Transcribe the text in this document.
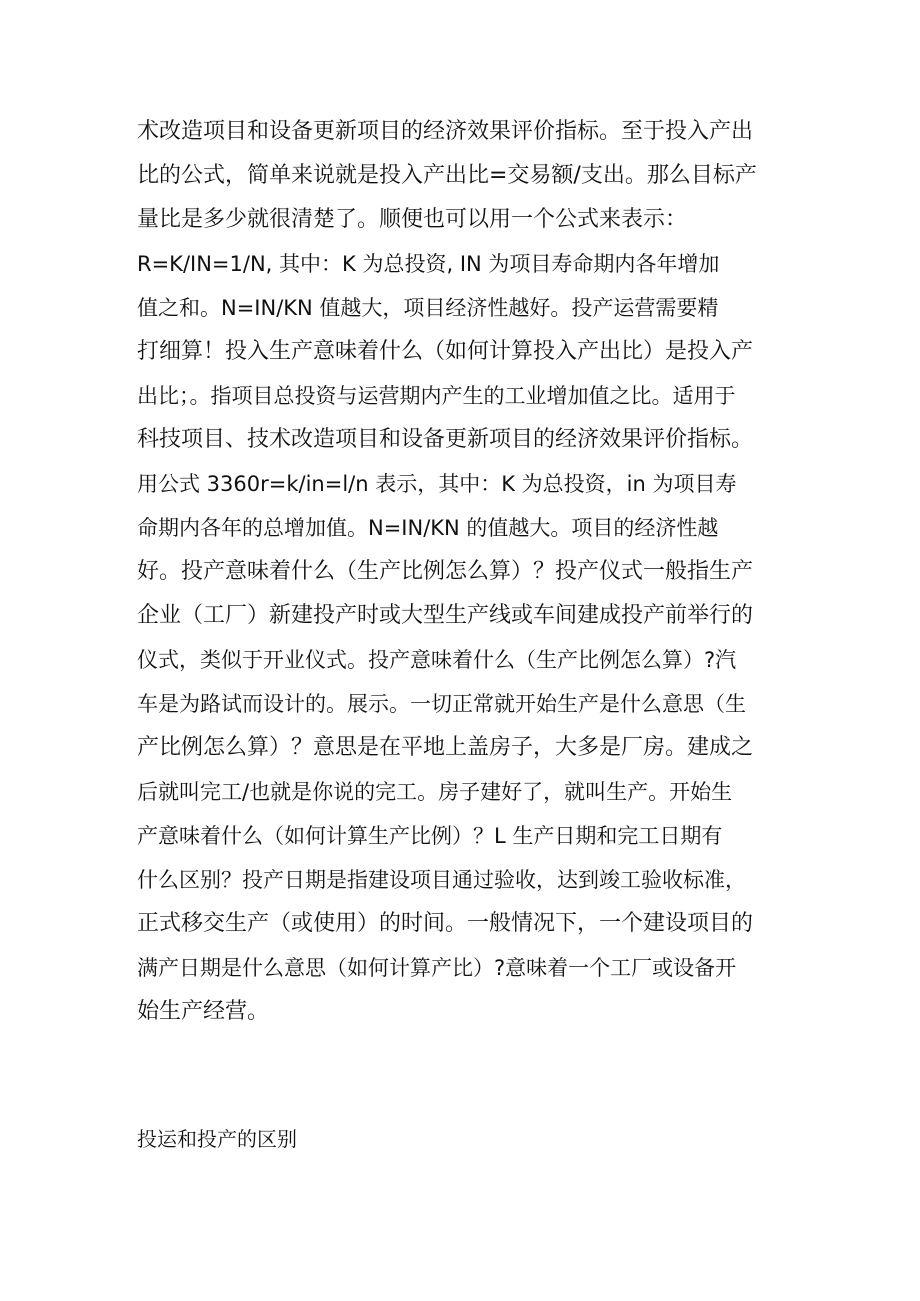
术改造项目和设备更新项目的经济效果评价指标。至于投入产出
比的公式，简单来说就是投入产出比=交易额/支出。那么目标产
量比是多少就很清楚了。顺便也可以用一个公式来表示：
R=K/IN=1/N, 其中：K 为总投资, IN 为项目寿命期内各年增加
值之和。N=IN/KN 值越大，项目经济性越好。投产运营需要精
打细算！投入生产意味着什么（如何计算投入产出比）是投入产
出比；。指项目总投资与运营期内产生的工业增加值之比。适用于
科技项目、技术改造项目和设备更新项目的经济效果评价指标。
用公式 3360r=k/in=l/n 表示，其中：K 为总投资，in 为项目寿
命期内各年的总增加值。N=IN/KN 的值越大。项目的经济性越
好。投产意味着什么（生产比例怎么算）？投产仪式一般指生产
企业（工厂）新建投产时或大型生产线或车间建成投产前举行的
仪式，类似于开业仪式。投产意味着什么（生产比例怎么算）?汽
车是为路试而设计的。展示。一切正常就开始生产是什么意思（生
产比例怎么算）？意思是在平地上盖房子，大多是厂房。建成之
后就叫完工/也就是你说的完工。房子建好了，就叫生产。开始生
产意味着什么（如何计算生产比例）？L 生产日期和完工日期有
什么区别？投产日期是指建设项目通过验收，达到竣工验收标准，
正式移交生产（或使用）的时间。一般情况下，一个建设项目的
满产日期是什么意思（如何计算产比）?意味着一个工厂或设备开
始生产经营。
投运和投产的区别
